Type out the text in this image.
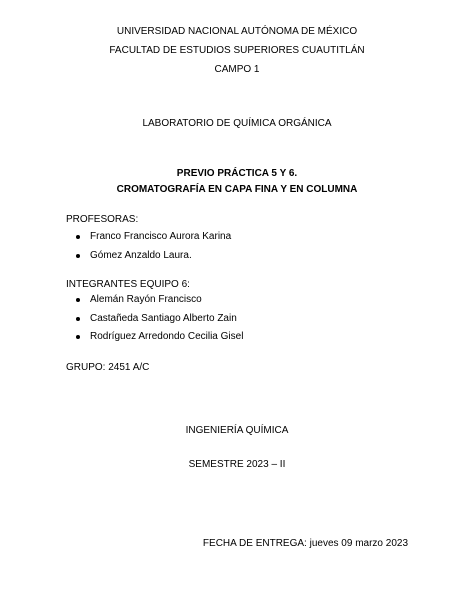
UNIVERSIDAD NACIONAL AUTÓNOMA DE MÉXICO
FACULTAD DE ESTUDIOS SUPERIORES CUAUTITLÁN
CAMPO 1
LABORATORIO DE QUÍMICA ORGÁNICA
PREVIO PRÁCTICA 5 Y 6.
CROMATOGRAFÍA EN CAPA FINA Y EN COLUMNA
PROFESORAS:
Franco Francisco Aurora Karina
Gómez Anzaldo Laura.
INTEGRANTES EQUIPO 6:
Alemán Rayón Francisco
Castañeda Santiago Alberto Zain
Rodríguez Arredondo Cecilia Gisel
GRUPO: 2451 A/C
INGENIERÍA QUÍMICA
SEMESTRE 2023 – II
FECHA DE ENTREGA: jueves 09 marzo 2023
